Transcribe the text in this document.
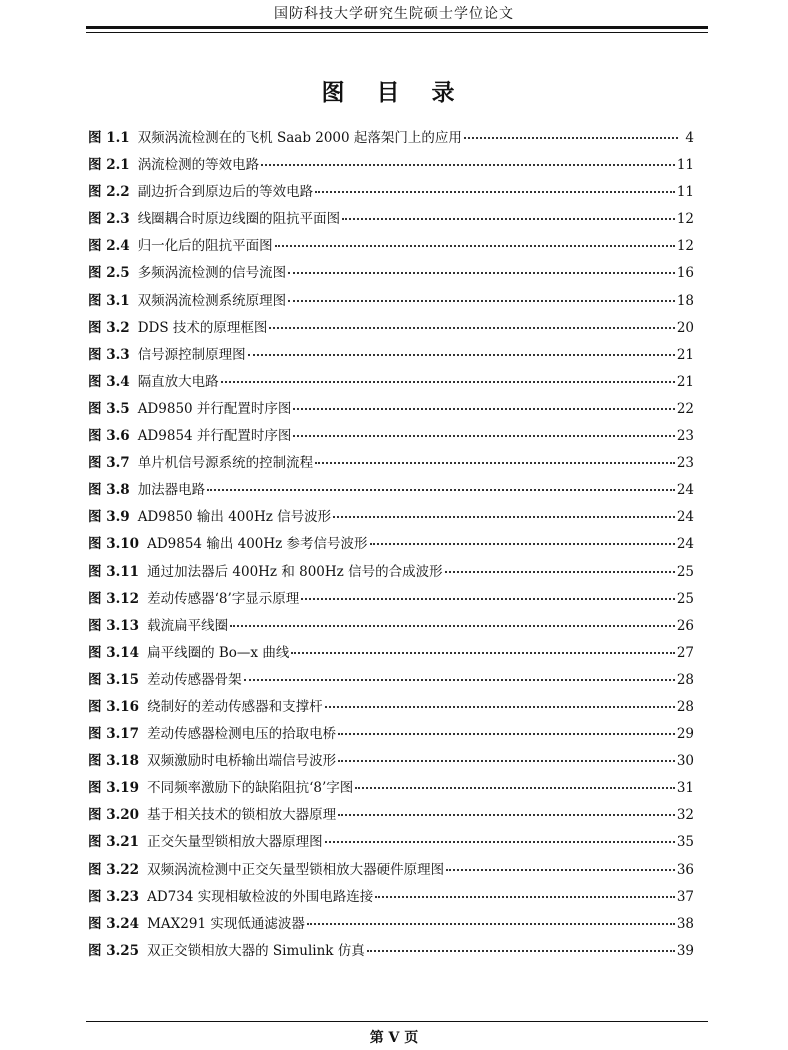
国防科技大学研究生院硕士学位论文
图 目 录
图 1.1 双频涡流检测在的飞机 Saab 2000 起落架门上的应用	4
图 2.1 涡流检测的等效电路	11
图 2.2 副边折合到原边后的等效电路	11
图 2.3 线圈耦合时原边线圈的阻抗平面图	12
图 2.4 归一化后的阻抗平面图	12
图 2.5 多频涡流检测的信号流图	16
图 3.1 双频涡流检测系统原理图	18
图 3.2 DDS 技术的原理框图	20
图 3.3 信号源控制原理图	21
图 3.4 隔直放大电路	21
图 3.5 AD9850 并行配置时序图	22
图 3.6 AD9854 并行配置时序图	23
图 3.7 单片机信号源系统的控制流程	23
图 3.8 加法器电路	24
图 3.9 AD9850 输出 400Hz 信号波形	24
图 3.10 AD9854 输出 400Hz 参考信号波形	24
图 3.11 通过加法器后 400Hz 和 800Hz 信号的合成波形	25
图 3.12 差动传感器‘8’字显示原理	25
图 3.13 载流扁平线圈	26
图 3.14 扁平线圈的 Bo—x 曲线	27
图 3.15 差动传感器骨架	28
图 3.16 绕制好的差动传感器和支撑杆	28
图 3.17 差动传感器检测电压的拾取电桥	29
图 3.18 双频激励时电桥输出端信号波形	30
图 3.19 不同频率激励下的缺陷阻抗‘8’字图	31
图 3.20 基于相关技术的锁相放大器原理	32
图 3.21 正交矢量型锁相放大器原理图	35
图 3.22 双频涡流检测中正交矢量型锁相放大器硬件原理图	36
图 3.23 AD734 实现相敏检波的外围电路连接	37
图 3.24 MAX291 实现低通滤波器	38
图 3.25 双正交锁相放大器的 Simulink 仿真	39
第 V 页
